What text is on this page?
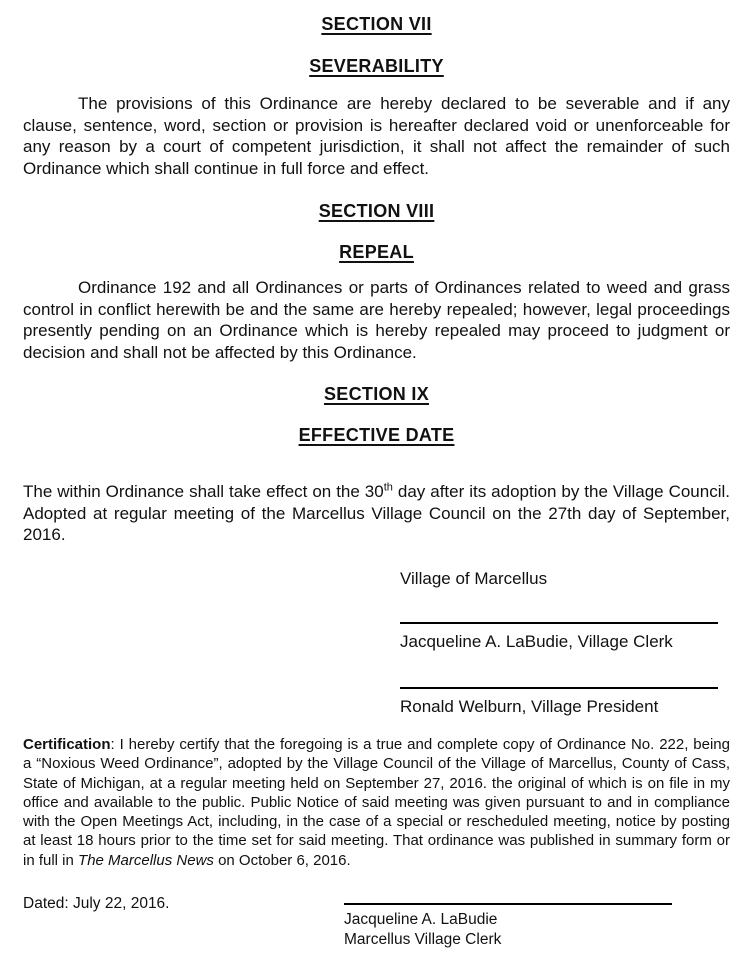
SECTION VII
SEVERABILITY

The provisions of this Ordinance are hereby declared to be severable and if any clause, sentence, word, section or provision is hereafter declared void or unenforceable for any reason by a court of competent jurisdiction, it shall not affect the remainder of such Ordinance which shall continue in full force and effect.

SECTION VIII
REPEAL

Ordinance 192 and all Ordinances or parts of Ordinances related to weed and grass control in conflict herewith be and the same are hereby repealed; however, legal proceedings presently pending on an Ordinance which is hereby repealed may proceed to judgment or decision and shall not be affected by this Ordinance.

SECTION IX
EFFECTIVE DATE

The within Ordinance shall take effect on the 30th day after its adoption by the Village Council. Adopted at regular meeting of the Marcellus Village Council on the 27th day of September, 2016.

Village of Marcellus

Jacqueline A. LaBudie, Village Clerk

Ronald Welburn, Village President

Certification: I hereby certify that the foregoing is a true and complete copy of Ordinance No. 222, being a “Noxious Weed Ordinance”, adopted by the Village Council of the Village of Marcellus, County of Cass, State of Michigan, at a regular meeting held on September 27, 2016. the original of which is on file in my office and available to the public. Public Notice of said meeting was given pursuant to and in compliance with the Open Meetings Act, including, in the case of a special or rescheduled meeting, notice by posting at least 18 hours prior to the time set for said meeting. That ordinance was published in summary form or in full in The Marcellus News on October 6, 2016.

Dated: July 22, 2016.

Jacqueline A. LaBudie

Marcellus Village Clerk
